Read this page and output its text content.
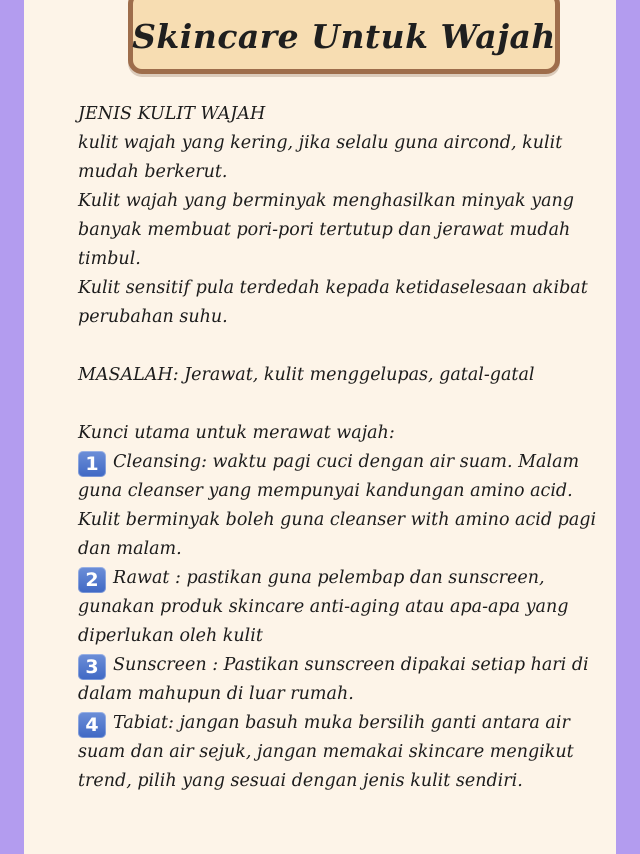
Skincare Untuk Wajah
JENIS KULIT WAJAH
kulit wajah yang kering, jika selalu guna aircond, kulit
mudah berkerut.
Kulit wajah yang berminyak menghasilkan minyak yang
banyak membuat pori-pori tertutup dan jerawat mudah
timbul.
Kulit sensitif pula terdedah kepada ketidaselesaan akibat
perubahan suhu.
MASALAH: Jerawat, kulit menggelupas, gatal-gatal
Kunci utama untuk merawat wajah:
1 Cleansing: waktu pagi cuci dengan air suam. Malam
guna cleanser yang mempunyai kandungan amino acid.
Kulit berminyak boleh guna cleanser with amino acid pagi
dan malam.
2 Rawat : pastikan guna pelembap dan sunscreen,
gunakan produk skincare anti-aging atau apa-apa yang
diperlukan oleh kulit
3 Sunscreen : Pastikan sunscreen dipakai setiap hari di
dalam mahupun di luar rumah.
4 Tabiat: jangan basuh muka bersilih ganti antara air
suam dan air sejuk, jangan memakai skincare mengikut
trend, pilih yang sesuai dengan jenis kulit sendiri.
